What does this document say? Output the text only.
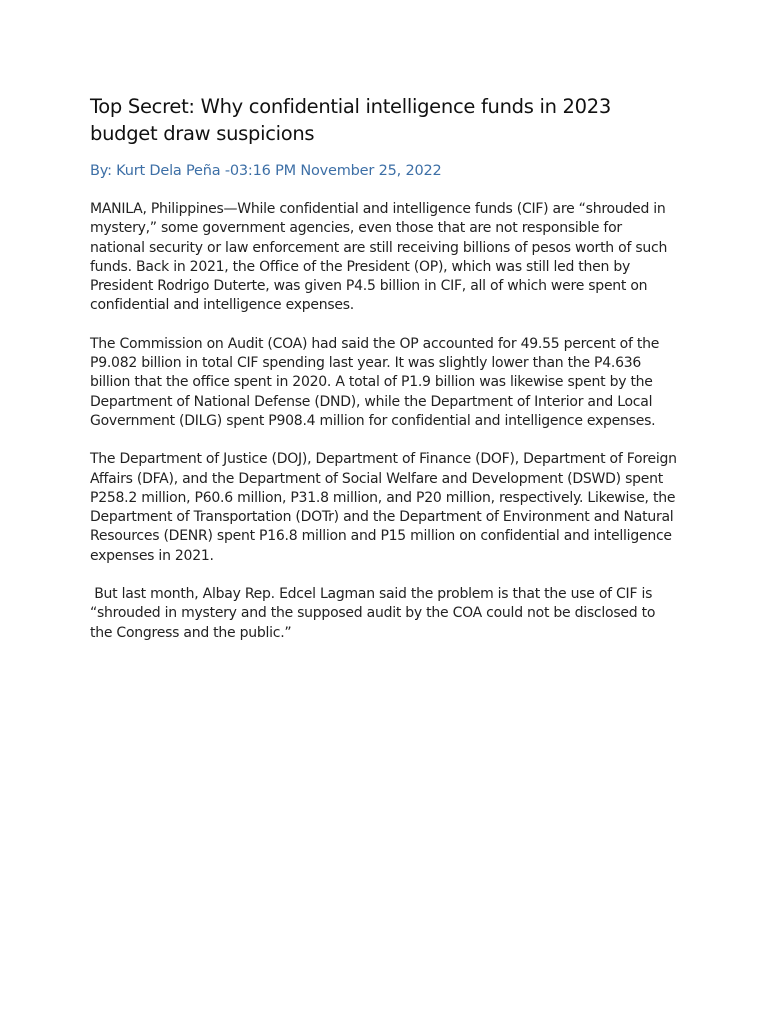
Top Secret: Why confidential intelligence funds in 2023 budget draw suspicions

By: Kurt Dela Peña -03:16 PM November 25, 2022

MANILA, Philippines—While confidential and intelligence funds (CIF) are “shrouded in mystery,” some government agencies, even those that are not responsible for national security or law enforcement are still receiving billions of pesos worth of such funds. Back in 2021, the Office of the President (OP), which was still led then by President Rodrigo Duterte, was given P4.5 billion in CIF, all of which were spent on confidential and intelligence expenses.

The Commission on Audit (COA) had said the OP accounted for 49.55 percent of the P9.082 billion in total CIF spending last year. It was slightly lower than the P4.636 billion that the office spent in 2020. A total of P1.9 billion was likewise spent by the Department of National Defense (DND), while the Department of Interior and Local Government (DILG) spent P908.4 million for confidential and intelligence expenses.

The Department of Justice (DOJ), Department of Finance (DOF), Department of Foreign Affairs (DFA), and the Department of Social Welfare and Development (DSWD) spent P258.2 million, P60.6 million, P31.8 million, and P20 million, respectively. Likewise, the Department of Transportation (DOTr) and the Department of Environment and Natural Resources (DENR) spent P16.8 million and P15 million on confidential and intelligence expenses in 2021.

But last month, Albay Rep. Edcel Lagman said the problem is that the use of CIF is “shrouded in mystery and the supposed audit by the COA could not be disclosed to the Congress and the public.”
